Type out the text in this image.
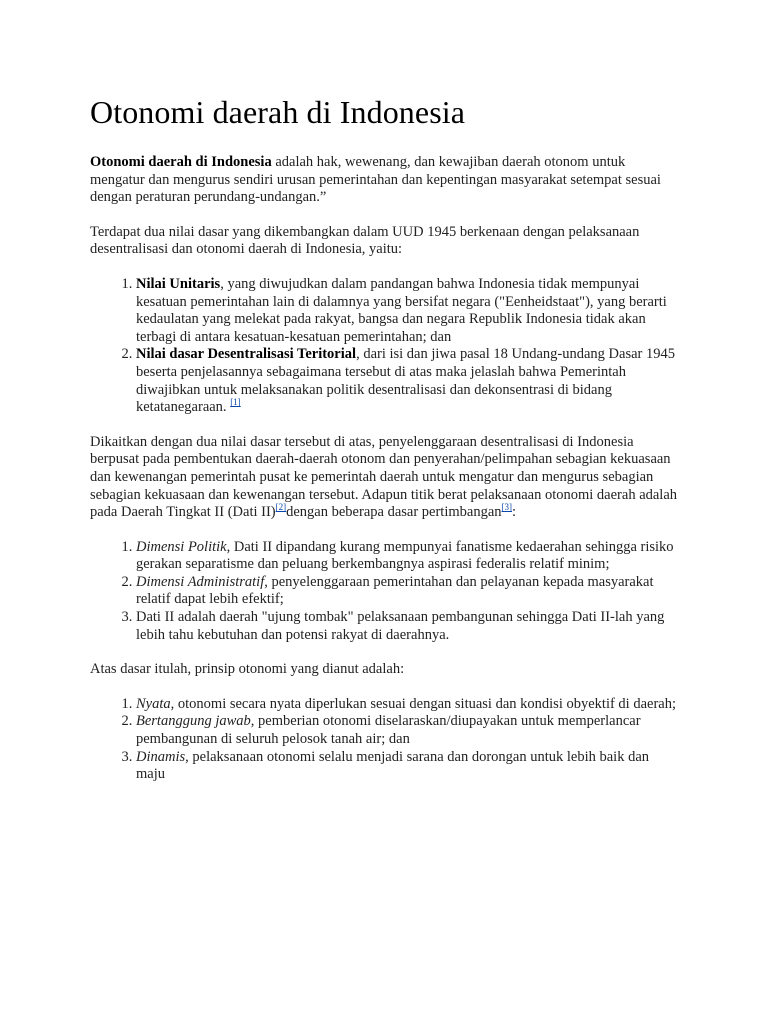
Otonomi daerah di Indonesia

Otonomi daerah di Indonesia adalah hak, wewenang, dan kewajiban daerah otonom untuk mengatur dan mengurus sendiri urusan pemerintahan dan kepentingan masyarakat setempat sesuai dengan peraturan perundang-undangan.”

Terdapat dua nilai dasar yang dikembangkan dalam UUD 1945 berkenaan dengan pelaksanaan desentralisasi dan otonomi daerah di Indonesia, yaitu:

1. Nilai Unitaris, yang diwujudkan dalam pandangan bahwa Indonesia tidak mempunyai kesatuan pemerintahan lain di dalamnya yang bersifat negara ("Eenheidstaat"), yang berarti kedaulatan yang melekat pada rakyat, bangsa dan negara Republik Indonesia tidak akan terbagi di antara kesatuan-kesatuan pemerintahan; dan
2. Nilai dasar Desentralisasi Teritorial, dari isi dan jiwa pasal 18 Undang-undang Dasar 1945 beserta penjelasannya sebagaimana tersebut di atas maka jelaslah bahwa Pemerintah diwajibkan untuk melaksanakan politik desentralisasi dan dekonsentrasi di bidang ketatanegaraan. [1]

Dikaitkan dengan dua nilai dasar tersebut di atas, penyelenggaraan desentralisasi di Indonesia berpusat pada pembentukan daerah-daerah otonom dan penyerahan/pelimpahan sebagian kekuasaan dan kewenangan pemerintah pusat ke pemerintah daerah untuk mengatur dan mengurus sebagian sebagian kekuasaan dan kewenangan tersebut. Adapun titik berat pelaksanaan otonomi daerah adalah pada Daerah Tingkat II (Dati II)[2]dengan beberapa dasar pertimbangan[3]:

1. Dimensi Politik, Dati II dipandang kurang mempunyai fanatisme kedaerahan sehingga risiko gerakan separatisme dan peluang berkembangnya aspirasi federalis relatif minim;
2. Dimensi Administratif, penyelenggaraan pemerintahan dan pelayanan kepada masyarakat relatif dapat lebih efektif;
3. Dati II adalah daerah "ujung tombak" pelaksanaan pembangunan sehingga Dati II-lah yang lebih tahu kebutuhan dan potensi rakyat di daerahnya.

Atas dasar itulah, prinsip otonomi yang dianut adalah:

1. Nyata, otonomi secara nyata diperlukan sesuai dengan situasi dan kondisi obyektif di daerah;
2. Bertanggung jawab, pemberian otonomi diselaraskan/diupayakan untuk memperlancar pembangunan di seluruh pelosok tanah air; dan
3. Dinamis, pelaksanaan otonomi selalu menjadi sarana dan dorongan untuk lebih baik dan maju
